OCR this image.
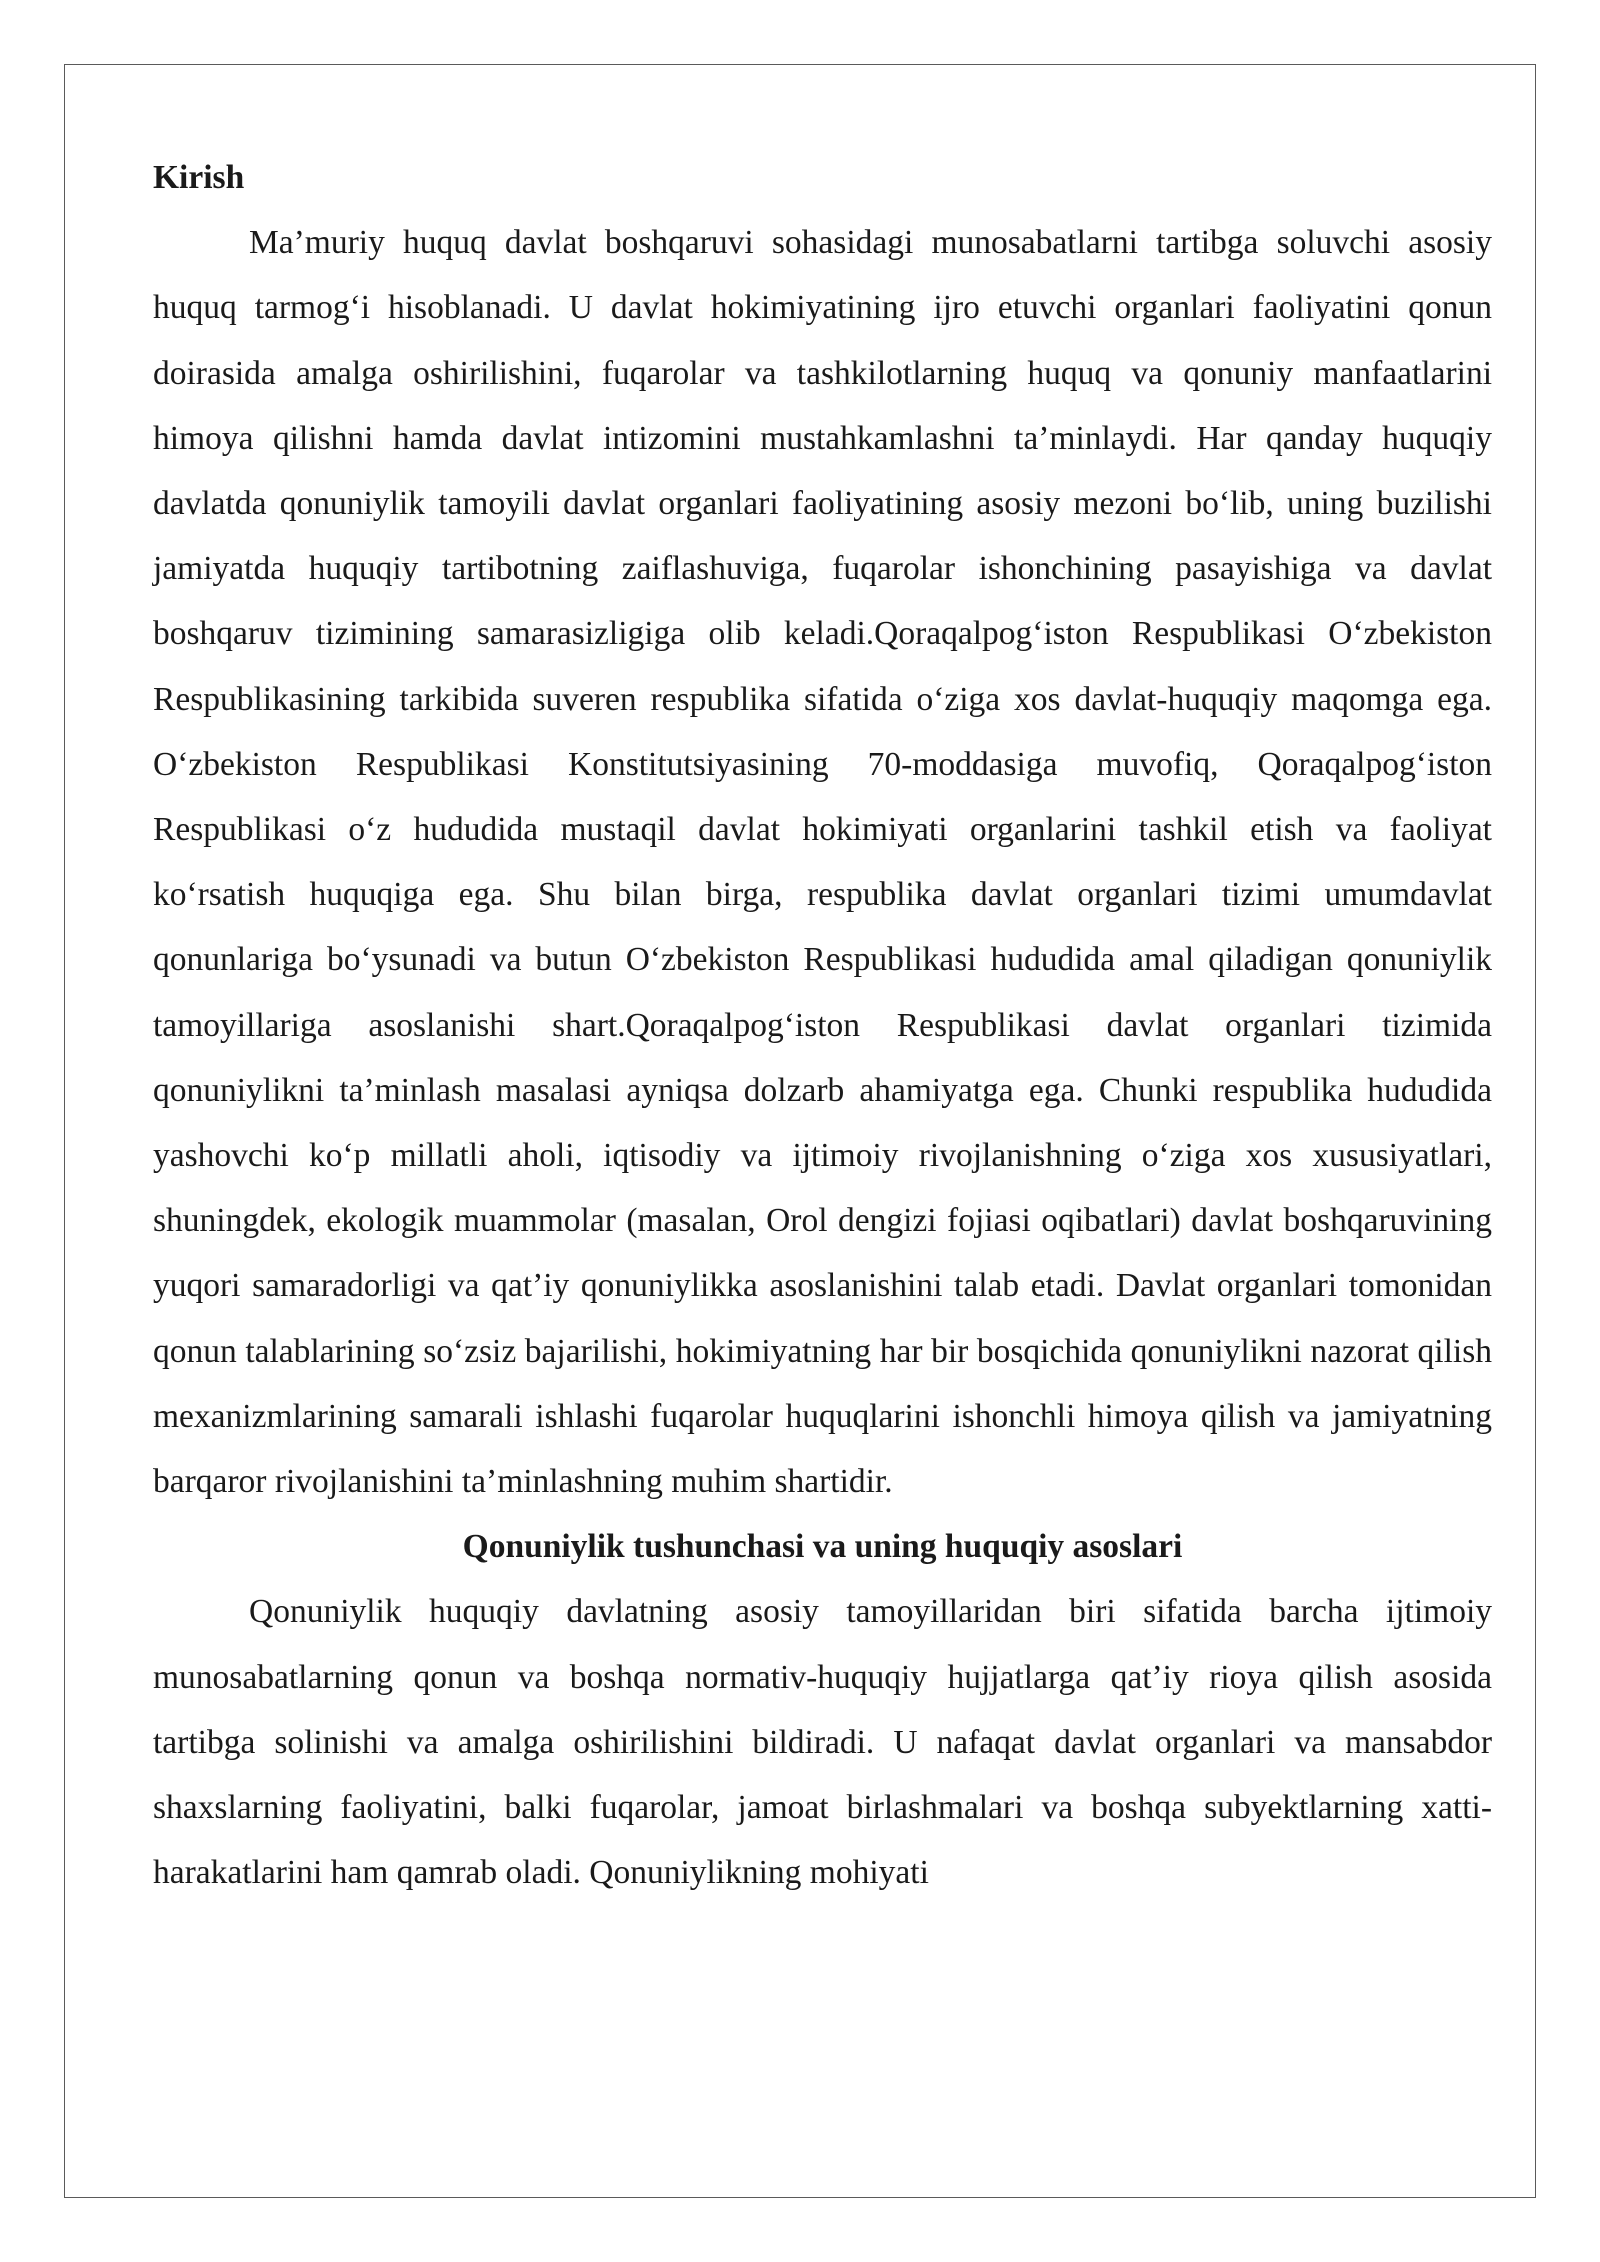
Kirish

Ma’muriy huquq davlat boshqaruvi sohasidagi munosabatlarni tartibga soluvchi asosiy huquq tarmog‘i hisoblanadi. U davlat hokimiyatining ijro etuvchi organlari faoliyatini qonun doirasida amalga oshirilishini, fuqarolar va tashkilotlarning huquq va qonuniy manfaatlarini himoya qilishni hamda davlat intizomini mustahkamlashni ta’minlaydi. Har qanday huquqiy davlatda qonuniylik tamoyili davlat organlari faoliyatining asosiy mezoni bo‘lib, uning buzilishi jamiyatda huquqiy tartibotning zaiflashuviga, fuqarolar ishonchining pasayishiga va davlat boshqaruv tizimining samarasizligiga olib keladi.Qoraqalpog‘iston Respublikasi O‘zbekiston Respublikasining tarkibida suveren respublika sifatida o‘ziga xos davlat-huquqiy maqomga ega. O‘zbekiston Respublikasi Konstitutsiyasining 70-moddasiga muvofiq, Qoraqalpog‘iston Respublikasi o‘z hududida mustaqil davlat hokimiyati organlarini tashkil etish va faoliyat ko‘rsatish huquqiga ega. Shu bilan birga, respublika davlat organlari tizimi umumdavlat qonunlariga bo‘ysunadi va butun O‘zbekiston Respublikasi hududida amal qiladigan qonuniylik tamoyillariga asoslanishi shart.Qoraqalpog‘iston Respublikasi davlat organlari tizimida qonuniylikni ta’minlash masalasi ayniqsa dolzarb ahamiyatga ega. Chunki respublika hududida yashovchi ko‘p millatli aholi, iqtisodiy va ijtimoiy rivojlanishning o‘ziga xos xususiyatlari, shuningdek, ekologik muammolar (masalan, Orol dengizi fojiasi oqibatlari) davlat boshqaruvining yuqori samaradorligi va qat’iy qonuniylikka asoslanishini talab etadi. Davlat organlari tomonidan qonun talablarining so‘zsiz bajarilishi, hokimiyatning har bir bosqichida qonuniylikni nazorat qilish mexanizmlarining samarali ishlashi fuqarolar huquqlarini ishonchli himoya qilish va jamiyatning barqaror rivojlanishini ta’minlashning muhim shartidir.

Qonuniylik tushunchasi va uning huquqiy asoslari

Qonuniylik huquqiy davlatning asosiy tamoyillaridan biri sifatida barcha ijtimoiy munosabatlarning qonun va boshqa normativ-huquqiy hujjatlarga qat’iy rioya qilish asosida tartibga solinishi va amalga oshirilishini bildiradi. U nafaqat davlat organlari va mansabdor shaxslarning faoliyatini, balki fuqarolar, jamoat birlashmalari va boshqa subyektlarning xatti-harakatlarini ham qamrab oladi. Qonuniylikning mohiyati
